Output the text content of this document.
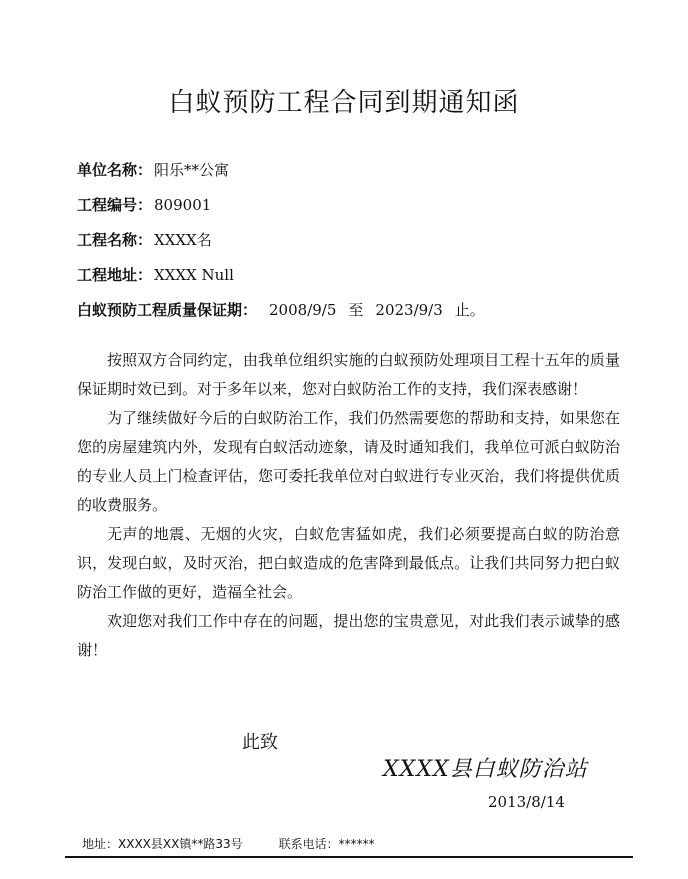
白蚁预防工程合同到期通知函
单位名称： 阳乐**公寓
工程编号： 809001
工程名称： XXXX名
工程地址： XXXX Null
白蚁预防工程质量保证期： 2008/9/5 至 2023/9/3 止。

按照双方合同约定，由我单位组织实施的白蚁预防处理项目工程十五年的质量保证期时效已到。对于多年以来，您对白蚁防治工作的支持，我们深表感谢！

为了继续做好今后的白蚁防治工作，我们仍然需要您的帮助和支持，如果您在您的房屋建筑内外，发现有白蚁活动迹象，请及时通知我们，我单位可派白蚁防治的专业人员上门检查评估，您可委托我单位对白蚁进行专业灭治，我们将提供优质的收费服务。

无声的地震、无烟的火灾，白蚁危害猛如虎，我们必须要提高白蚁的防治意识，发现白蚁，及时灭治，把白蚁造成的危害降到最低点。让我们共同努力把白蚁防治工作做的更好，造福全社会。

欢迎您对我们工作中存在的问题，提出您的宝贵意见，对此我们表示诚挚的感谢！

此致
XXXX县白蚁防治站
2013/8/14
地址：XXXX县XX镇**路33号	联系电话：******
